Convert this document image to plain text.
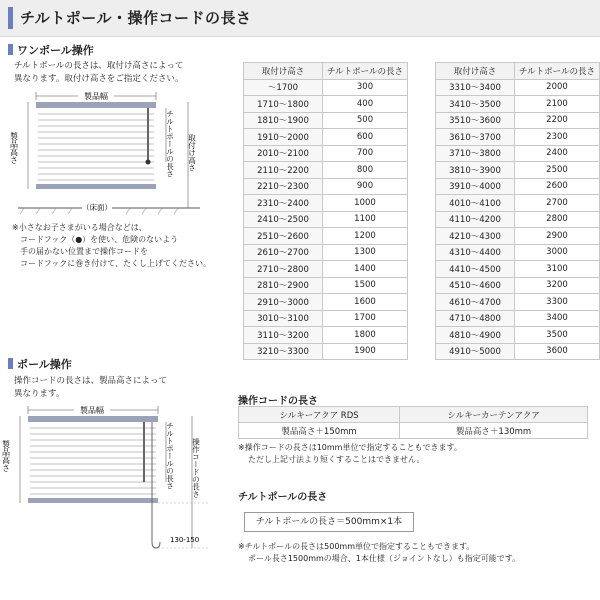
チルトポール・操作コードの長さ
ワンポール操作
チルトポールの長さは、取付け高さによって
異なります。取付け高さをご指定ください。
製品幅
製品高さ	チルトポールの長さ 取付け高さ
（床面）
※小さなお子さまがいる場合などは、
コードフック（●）を使い、危険のないよう
手の届かない位置まで操作コードを
コードフックに巻き付けて、たくし上げてください。
取付け高さ	チルトポールの長さ
～1700	300
1710～1800	400
1810～1900	500
1910～2000	600
2010～2100	700
2110～2200	800
2210～2300	900
2310～2400	1000
2410～2500	1100
2510～2600	1200
2610～2700	1300
2710～2800	1400
2810～2900	1500
2910～3000	1600
3010～3100	1700
3110～3200	1800
3210～3300	1900
取付け高さ	チルトポールの長さ
3310～3400	2000
3410～3500	2100
3510～3600	2200
3610～3700	2300
3710～3800	2400
3810～3900	2500
3910～4000	2600
4010～4100	2700
4110～4200	2800
4210～4300	2900
4310～4400	3000
4410～4500	3100
4510～4600	3200
4610～4700	3300
4710～4800	3400
4810～4900	3500
4910～5000	3600
ポール操作
操作コードの長さは、製品高さによって
異なります。
製品幅
製品高さ	チルトポールの長さ 操作コードの長さ
130-150
操作コードの長さ
シルキーアクア RDS	シルキーカーテンアクア
製品高さ＋150mm	製品高さ＋130mm
※操作コードの長さは10mm単位で指定することもできます。
ただし上記寸法より短くすることはできません。
チルトポールの長さ
チルトポールの長さ＝500mm×1本
※チルトポールの長さは500mm単位で指定することもできます。
ポール長さ1500mmの場合、1本仕様（ジョイントなし）も指定可能です。
